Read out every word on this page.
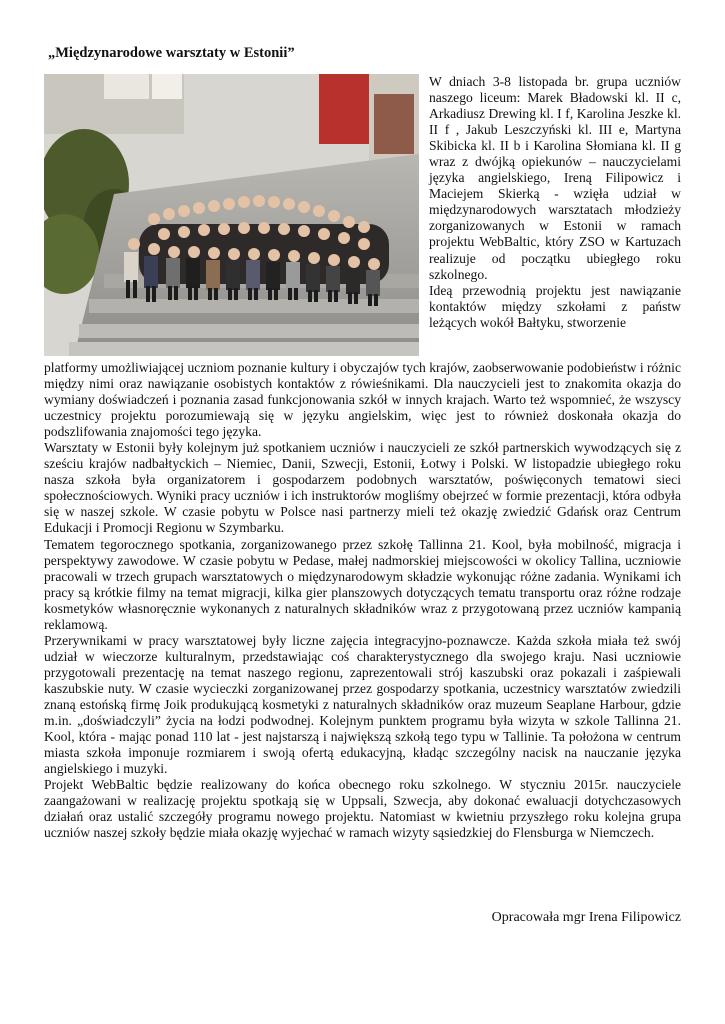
„Międzynarodowe warsztaty w Estonii”

W dniach 3-8 listopada br. grupa uczniów naszego liceum: Marek Bładowski kl. II c, Arkadiusz Drewing kl. I f, Karolina Jeszke kl. II f , Jakub Leszczyński kl. III e, Martyna Skibicka kl. II b i Karolina Słomiana kl. II g wraz z dwójką opiekunów – nauczycielami języka angielskiego, Ireną Filipowicz i Maciejem Skierką - wzięła udział w międzynarodowych warsztatach młodzieży zorganizowanych w Estonii w ramach projektu WebBaltic, który ZSO w Kartuzach realizuje od początku ubiegłego roku szkolnego.

Ideą przewodnią projektu jest nawiązanie kontaktów między szkołami z państw leżących wokół Bałtyku, stworzenie

platformy umożliwiającej uczniom poznanie kultury i obyczajów tych krajów, zaobserwowanie podobieństw i różnic między nimi oraz nawiązanie osobistych kontaktów z rówieśnikami. Dla nauczycieli jest to znakomita okazja do wymiany doświadczeń i poznania zasad funkcjonowania szkół w innych krajach. Warto też wspomnieć, że wszyscy uczestnicy projektu porozumiewają się w języku angielskim, więc jest to również doskonała okazja do podszlifowania znajomości tego języka.

Warsztaty w Estonii były kolejnym już spotkaniem uczniów i nauczycieli ze szkół partnerskich wywodzących się z sześciu krajów nadbałtyckich – Niemiec, Danii, Szwecji, Estonii, Łotwy i Polski. W listopadzie ubiegłego roku nasza szkoła była organizatorem i gospodarzem podobnych warsztatów, poświęconych tematowi sieci społecznościowych. Wyniki pracy uczniów i ich instruktorów mogliśmy obejrzeć w formie prezentacji, która odbyła się w naszej szkole. W czasie pobytu w Polsce nasi partnerzy mieli też okazję zwiedzić Gdańsk oraz Centrum Edukacji i Promocji Regionu w Szymbarku.

Tematem tegorocznego spotkania, zorganizowanego przez szkołę Tallinna 21. Kool, była mobilność, migracja i perspektywy zawodowe. W czasie pobytu w Pedase, małej nadmorskiej miejscowości w okolicy Tallina, uczniowie pracowali w trzech grupach warsztatowych o międzynarodowym składzie wykonując różne zadania. Wynikami ich pracy są krótkie filmy na temat migracji, kilka gier planszowych dotyczących tematu transportu oraz różne rodzaje kosmetyków własnoręcznie wykonanych z naturalnych składników wraz z przygotowaną przez uczniów kampanią reklamową.

Przerywnikami w pracy warsztatowej były liczne zajęcia integracyjno-poznawcze. Każda szkoła miała też swój udział w wieczorze kulturalnym, przedstawiając coś charakterystycznego dla swojego kraju. Nasi uczniowie przygotowali prezentację na temat naszego regionu, zaprezentowali strój kaszubski oraz pokazali i zaśpiewali kaszubskie nuty. W czasie wycieczki zorganizowanej przez gospodarzy spotkania, uczestnicy warsztatów zwiedzili znaną estońską firmę Joik produkującą kosmetyki z naturalnych składników oraz muzeum Seaplane Harbour, gdzie m.in. „doświadczyli” życia na łodzi podwodnej. Kolejnym punktem programu była wizyta w szkole Tallinna 21. Kool, która - mając ponad 110 lat - jest najstarszą i największą szkołą tego typu w Tallinie. Ta położona w centrum miasta szkoła imponuje rozmiarem i swoją ofertą edukacyjną, kładąc szczególny nacisk na nauczanie języka angielskiego i muzyki.

Projekt WebBaltic będzie realizowany do końca obecnego roku szkolnego. W styczniu 2015r. nauczyciele zaangażowani w realizację projektu spotkają się w Uppsali, Szwecja, aby dokonać ewaluacji dotychczasowych działań oraz ustalić szczegóły programu nowego projektu. Natomiast w kwietniu przyszłego roku kolejna grupa uczniów naszej szkoły będzie miała okazję wyjechać w ramach wizyty sąsiedzkiej do Flensburga w Niemczech.

Opracowała mgr Irena Filipowicz
